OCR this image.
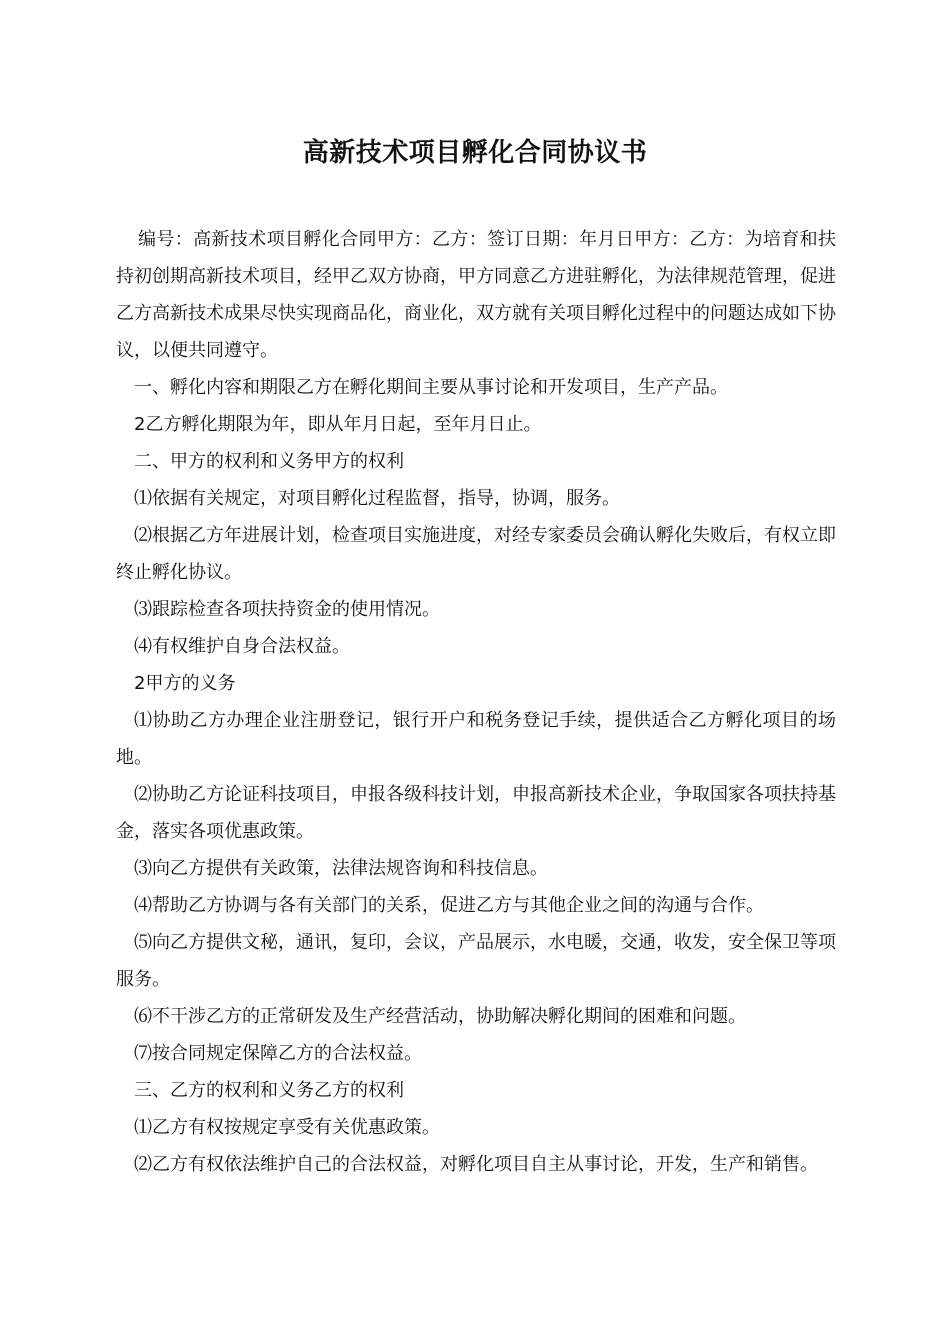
高新技术项目孵化合同协议书

编号：高新技术项目孵化合同甲方：乙方：签订日期：年月日甲方：乙方：为培育和扶持初创期高新技术项目，经甲乙双方协商，甲方同意乙方进驻孵化，为法律规范管理，促进乙方高新技术成果尽快实现商品化，商业化，双方就有关项目孵化过程中的问题达成如下协议，以便共同遵守。

一、孵化内容和期限乙方在孵化期间主要从事讨论和开发项目，生产产品。

2乙方孵化期限为年，即从年月日起，至年月日止。

二、甲方的权利和义务甲方的权利

⑴依据有关规定，对项目孵化过程监督，指导，协调，服务。

⑵根据乙方年进展计划，检查项目实施进度，对经专家委员会确认孵化失败后，有权立即终止孵化协议。

⑶跟踪检查各项扶持资金的使用情况。

⑷有权维护自身合法权益。

2甲方的义务

⑴协助乙方办理企业注册登记，银行开户和税务登记手续，提供适合乙方孵化项目的场地。

⑵协助乙方论证科技项目，申报各级科技计划，申报高新技术企业，争取国家各项扶持基金，落实各项优惠政策。

⑶向乙方提供有关政策，法律法规咨询和科技信息。

⑷帮助乙方协调与各有关部门的关系，促进乙方与其他企业之间的沟通与合作。

⑸向乙方提供文秘，通讯，复印，会议，产品展示，水电暖，交通，收发，安全保卫等项服务。

⑹不干涉乙方的正常研发及生产经营活动，协助解决孵化期间的困难和问题。

⑺按合同规定保障乙方的合法权益。

三、乙方的权利和义务乙方的权利

⑴乙方有权按规定享受有关优惠政策。

⑵乙方有权依法维护自己的合法权益，对孵化项目自主从事讨论，开发，生产和销售。
